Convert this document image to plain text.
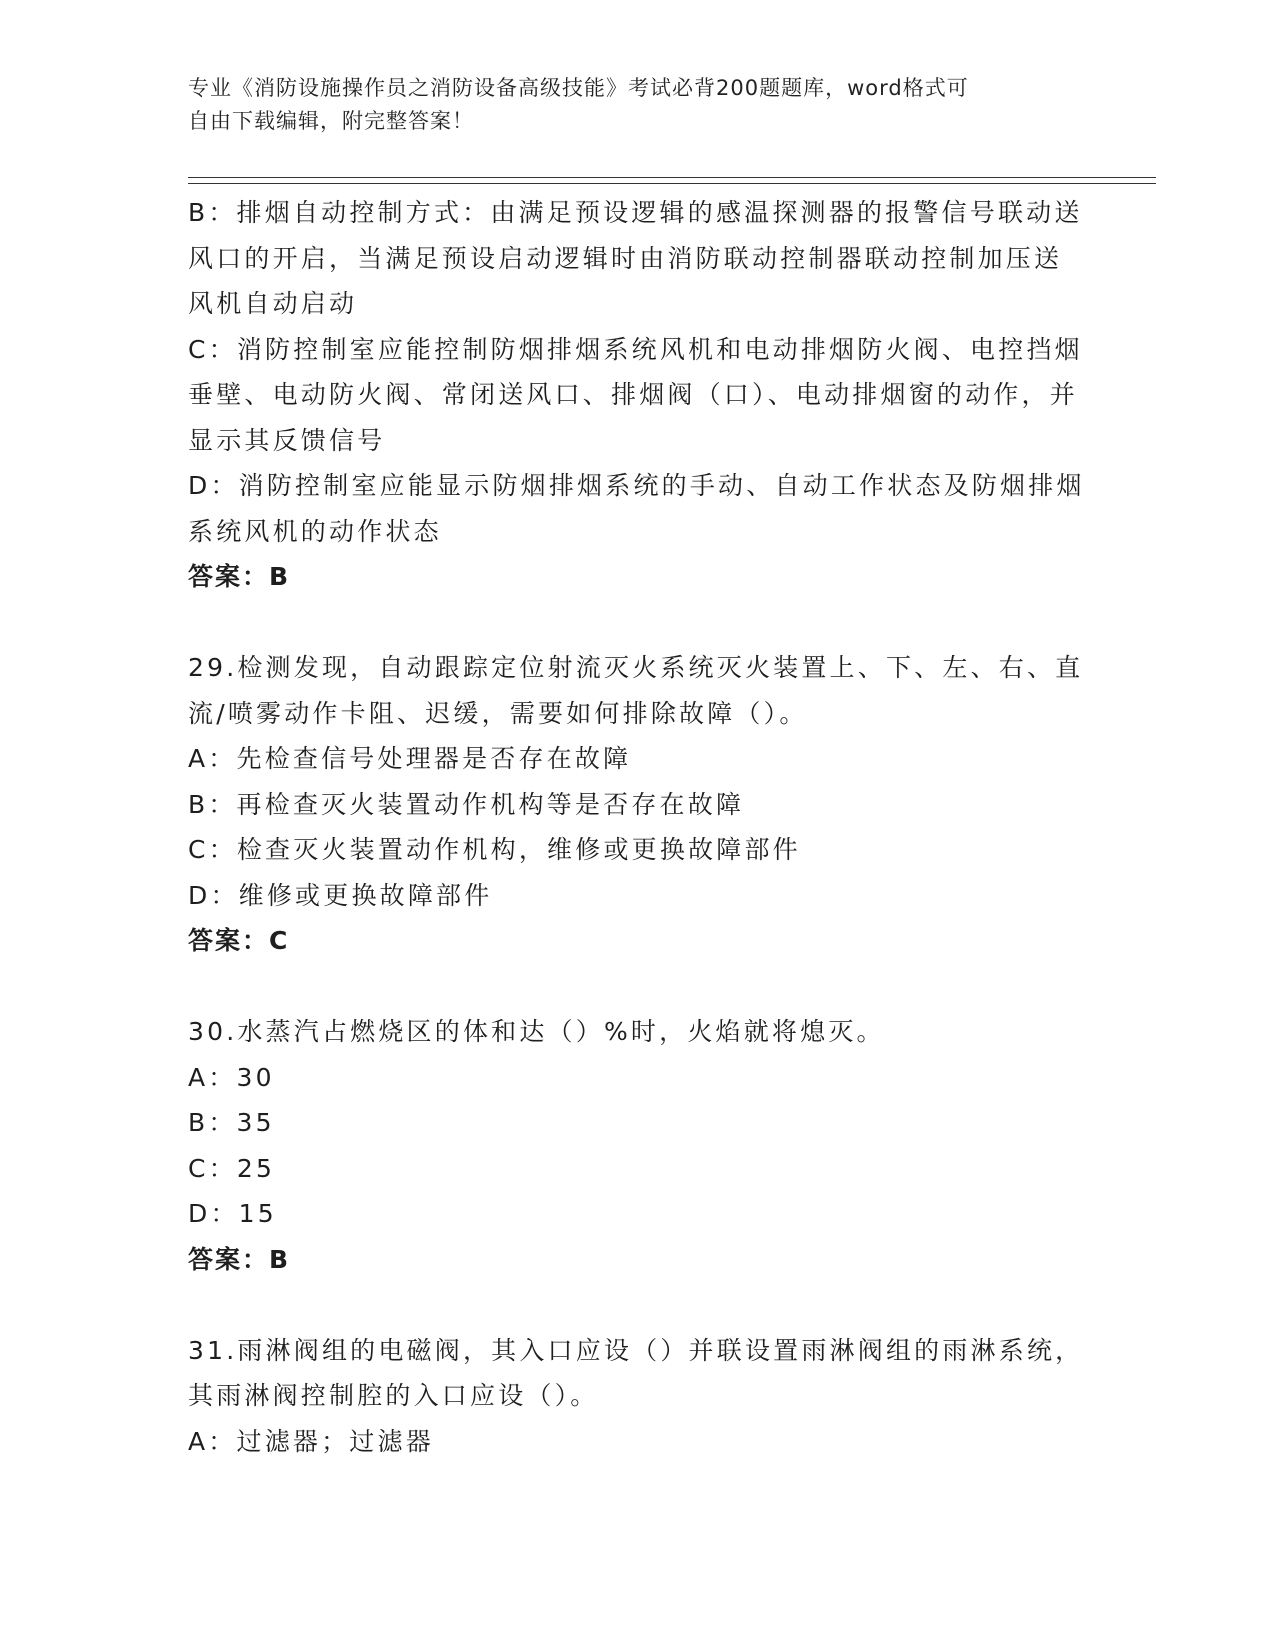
专业《消防设施操作员之消防设备高级技能》考试必背200题题库，word格式可
自由下载编辑，附完整答案！

B：排烟自动控制方式：由满足预设逻辑的感温探测器的报警信号联动送风口的开启，当满足预设启动逻辑时由消防联动控制器联动控制加压送风机自动启动

C：消防控制室应能控制防烟排烟系统风机和电动排烟防火阀、电控挡烟垂壁、电动防火阀、常闭送风口、排烟阀（口）、电动排烟窗的动作，并显示其反馈信号

D：消防控制室应能显示防烟排烟系统的手动、自动工作状态及防烟排烟系统风机的动作状态

答案：B

29.检测发现，自动跟踪定位射流灭火系统灭火装置上、下、左、右、直流/喷雾动作卡阻、迟缓，需要如何排除故障（）。

A：先检查信号处理器是否存在故障

B：再检查灭火装置动作机构等是否存在故障

C：检查灭火装置动作机构，维修或更换故障部件

D：维修或更换故障部件

答案：C

30.水蒸汽占燃烧区的体和达（）%时，火焰就将熄灭。

A：30

B：35

C：25

D：15

答案：B

31.雨淋阀组的电磁阀，其入口应设（）并联设置雨淋阀组的雨淋系统，其雨淋阀控制腔的入口应设（）。

A：过滤器；过滤器
